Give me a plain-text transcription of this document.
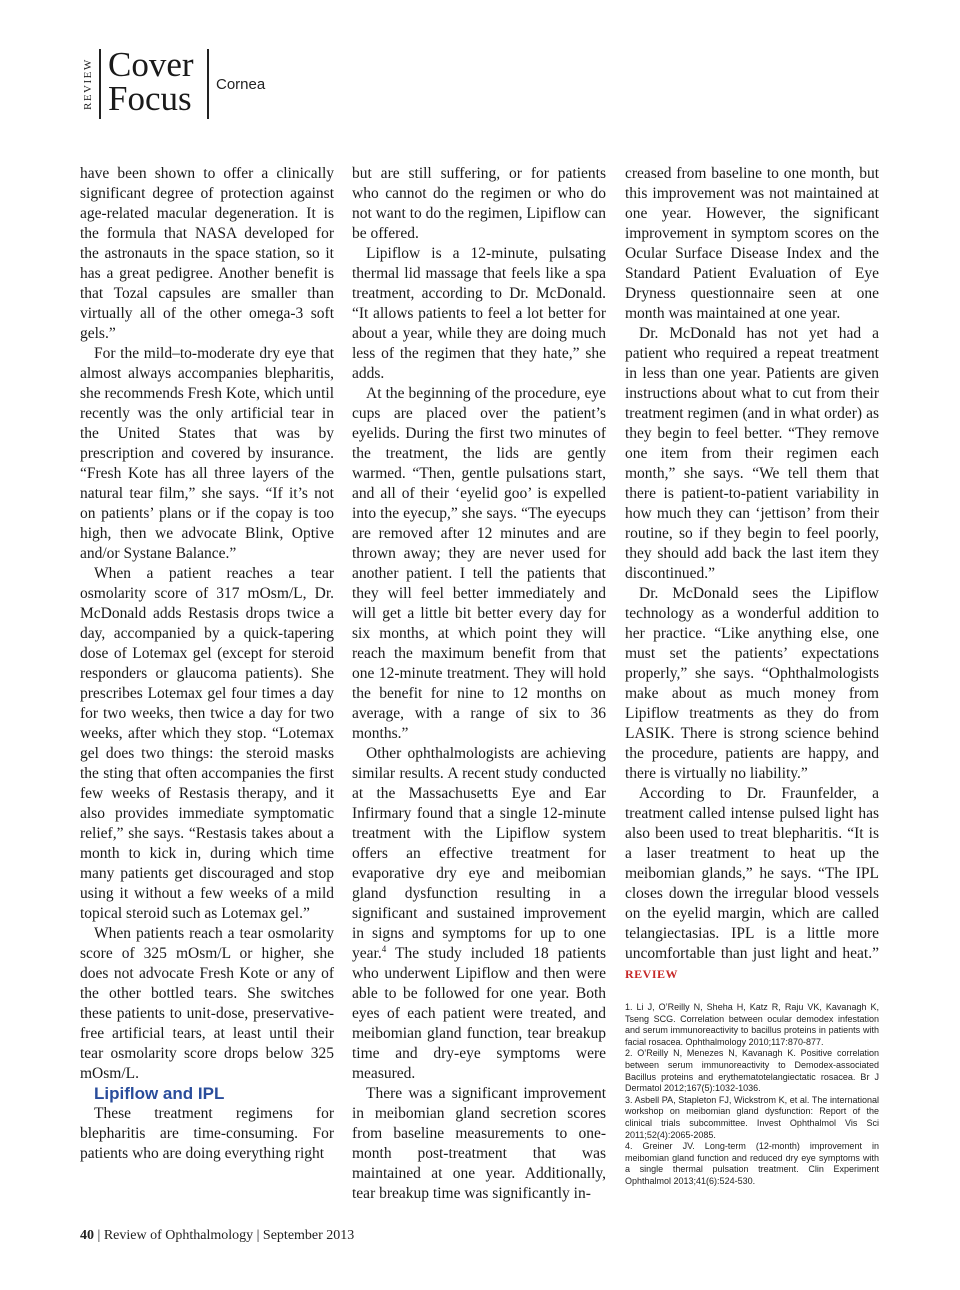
REVIEW Cover
Focus Cornea

have been shown to offer a clinically significant degree of protection against age-related macular degeneration. It is the formula that NASA developed for the astronauts in the space station, so it has a great pedigree. Another benefit is that Tozal capsules are smaller than virtually all of the other omega-3 soft gels.”

For the mild–to-moderate dry eye that almost always accompanies blepharitis, she recommends Fresh Kote, which until recently was the only artificial tear in the United States that was by prescription and covered by insurance. “Fresh Kote has all three layers of the natural tear film,” she says. “If it’s not on patients’ plans or if the copay is too high, then we advocate Blink, Optive and/or Systane Balance.”

When a patient reaches a tear osmolarity score of 317 mOsm/L, Dr. McDonald adds Restasis drops twice a day, accompanied by a quick-tapering dose of Lotemax gel (except for steroid responders or glaucoma patients). She prescribes Lotemax gel four times a day for two weeks, then twice a day for two weeks, after which they stop. “Lotemax gel does two things: the steroid masks the sting that often accompanies the first few weeks of Restasis therapy, and it also provides immediate symptomatic relief,” she says. “Restasis takes about a month to kick in, during which time many patients get discouraged and stop using it without a few weeks of a mild topical steroid such as Lotemax gel.”

When patients reach a tear osmolarity score of 325 mOsm/L or higher, she does not advocate Fresh Kote or any of the other bottled tears. She switches these patients to unit-dose, preservative-free artificial tears, at least until their tear osmolarity score drops below 325 mOsm/L.

Lipiflow and IPL

These treatment regimens for blepharitis are time-consuming. For patients who are doing everything right

but are still suffering, or for patients who cannot do the regimen or who do not want to do the regimen, Lipiflow can be offered.

Lipiflow is a 12-minute, pulsating thermal lid massage that feels like a spa treatment, according to Dr. McDonald. “It allows patients to feel a lot better for about a year, while they are doing much less of the regimen that they hate,” she adds.

At the beginning of the procedure, eye cups are placed over the patient’s eyelids. During the first two minutes of the treatment, the lids are gently warmed. “Then, gentle pulsations start, and all of their ‘eyelid goo’ is expelled into the eyecup,” she says. “The eyecups are removed after 12 minutes and are thrown away; they are never used for another patient. I tell the patients that they will feel better immediately and will get a little bit better every day for six months, at which point they will reach the maximum benefit from that one 12-minute treatment. They will hold the benefit for nine to 12 months on average, with a range of six to 36 months.”

Other ophthalmologists are achieving similar results. A recent study conducted at the Massachusetts Eye and Ear Infirmary found that a single 12-minute treatment with the Lipiflow system offers an effective treatment for evaporative dry eye and meibomian gland dysfunction resulting in a significant and sustained improvement in signs and symptoms for up to one year.$^4$ The study included 18 patients who underwent Lipiflow and then were able to be followed for one year. Both eyes of each patient were treated, and meibomian gland function, tear breakup time and dry-eye symptoms were measured.

There was a significant improvement in meibomian gland secretion scores from baseline measurements to one-month post-treatment that was maintained at one year. Additionally, tear breakup time was significantly in-

creased from baseline to one month, but this improvement was not maintained at one year. However, the significant improvement in symptom scores on the Ocular Surface Disease Index and the Standard Patient Evaluation of Eye Dryness questionnaire seen at one month was maintained at one year.

Dr. McDonald has not yet had a patient who required a repeat treatment in less than one year. Patients are given instructions about what to cut from their treatment regimen (and in what order) as they begin to feel better. “They remove one item from their regimen each month,” she says. “We tell them that there is patient-to-patient variability in how much they can ‘jettison’ from their routine, so if they begin to feel poorly, they should add back the last item they discontinued.”

Dr. McDonald sees the Lipiflow technology as a wonderful addition to her practice. “Like anything else, one must set the patients’ expectations properly,” she says. “Ophthalmologists make about as much money from Lipiflow treatments as they do from LASIK. There is strong science behind the procedure, patients are happy, and there is virtually no liability.”

According to Dr. Fraunfelder, a treatment called intense pulsed light has also been used to treat blepharitis. “It is a laser treatment to heat up the meibomian glands,” he says. “The IPL closes down the irregular blood vessels on the eyelid margin, which are called telangiectasias. IPL is a little more uncomfortable than just light and heat.” REVIEW

1. Li J, O’Reilly N, Sheha H, Katz R, Raju VK, Kavanagh K, Tseng SCG. Correlation between ocular demodex infestation and serum immunoreactivity to bacillus proteins in patients with facial rosacea. Ophthalmology 2010;117:870-877.
2. O’Reilly N, Menezes N, Kavanagh K. Positive correlation between serum immunoreactivity to Demodex-associated Bacillus proteins and erythematotelangiectatic rosacea. Br J Dermatol 2012;167(5):1032-1036.
3. Asbell PA, Stapleton FJ, Wickstrom K, et al. The international workshop on meibomian gland dysfunction: Report of the clinical trials subcommittee. Invest Ophthalmol Vis Sci 2011;52(4):2065-2085.
4. Greiner JV. Long-term (12-month) improvement in meibomian gland function and reduced dry eye symptoms with a single thermal pulsation treatment. Clin Experiment Ophthalmol 2013;41(6):524-530.
40 | Review of Ophthalmology | September 2013
